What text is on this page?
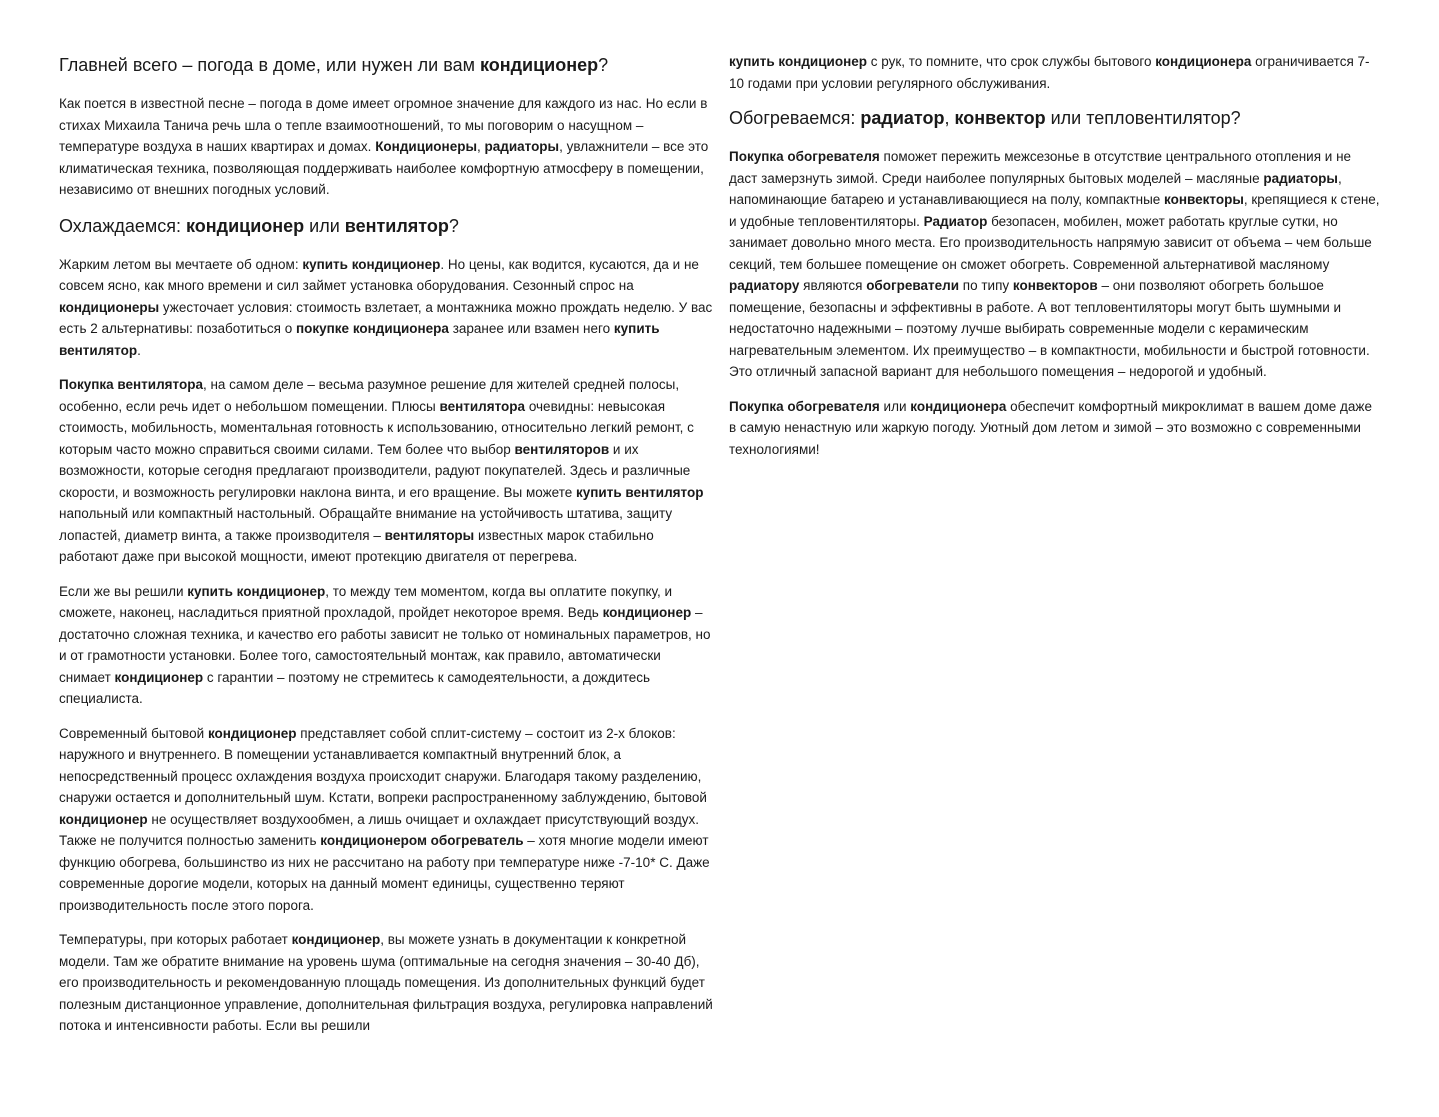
Главней всего – погода в доме, или нужен ли вам кондиционер?

Как поется в известной песне – погода в доме имеет огромное значение для каждого из нас. Но если в стихах Михаила Танича речь шла о тепле взаимоотношений, то мы поговорим о насущном – температуре воздуха в наших квартирах и домах. Кондиционеры, радиаторы, увлажнители – все это климатическая техника, позволяющая поддерживать наиболее комфортную атмосферу в помещении, независимо от внешних погодных условий.

Охлаждаемся: кондиционер или вентилятор?

Жарким летом вы мечтаете об одном: купить кондиционер. Но цены, как водится, кусаются, да и не совсем ясно, как много времени и сил займет установка оборудования. Сезонный спрос на кондиционеры ужесточает условия: стоимость взлетает, а монтажника можно прождать неделю. У вас есть 2 альтернативы: позаботиться о покупке кондиционера заранее или взамен него купить вентилятор.

Покупка вентилятора, на самом деле – весьма разумное решение для жителей средней полосы, особенно, если речь идет о небольшом помещении. Плюсы вентилятора очевидны: невысокая стоимость, мобильность, моментальная готовность к использованию, относительно легкий ремонт, с которым часто можно справиться своими силами. Тем более что выбор вентиляторов и их возможности, которые сегодня предлагают производители, радуют покупателей. Здесь и различные скорости, и возможность регулировки наклона винта, и его вращение. Вы можете купить вентилятор напольный или компактный настольный. Обращайте внимание на устойчивость штатива, защиту лопастей, диаметр винта, а также производителя – вентиляторы известных марок стабильно работают даже при высокой мощности, имеют протекцию двигателя от перегрева.

Если же вы решили купить кондиционер, то между тем моментом, когда вы оплатите покупку, и сможете, наконец, насладиться приятной прохладой, пройдет некоторое время. Ведь кондиционер – достаточно сложная техника, и качество его работы зависит не только от номинальных параметров, но и от грамотности установки. Более того, самостоятельный монтаж, как правило, автоматически снимает кондиционер с гарантии – поэтому не стремитесь к самодеятельности, а дождитесь специалиста.

Современный бытовой кондиционер представляет собой сплит-систему – состоит из 2-х блоков: наружного и внутреннего. В помещении устанавливается компактный внутренний блок, а непосредственный процесс охлаждения воздуха происходит снаружи. Благодаря такому разделению, снаружи остается и дополнительный шум. Кстати, вопреки распространенному заблуждению, бытовой кондиционер не осуществляет воздухообмен, а лишь очищает и охлаждает присутствующий воздух. Также не получится полностью заменить кондиционером обогреватель – хотя многие модели имеют функцию обогрева, большинство из них не рассчитано на работу при температуре ниже -7-10* С. Даже современные дорогие модели, которых на данный момент единицы, существенно теряют производительность после этого порога.

Температуры, при которых работает кондиционер, вы можете узнать в документации к конкретной модели. Там же обратите внимание на уровень шума (оптимальные на сегодня значения – 30-40 Дб), его производительность и рекомендованную площадь помещения. Из дополнительных функций будет полезным дистанционное управление, дополнительная фильтрация воздуха, регулировка направлений потока и интенсивности работы. Если вы решили

купить кондиционер с рук, то помните, что срок службы бытового кондиционера ограничивается 7-10 годами при условии регулярного обслуживания.

Обогреваемся: радиатор, конвектор или тепловентилятор?

Покупка обогревателя поможет пережить межсезонье в отсутствие центрального отопления и не даст замерзнуть зимой. Среди наиболее популярных бытовых моделей – масляные радиаторы, напоминающие батарею и устанавливающиеся на полу, компактные конвекторы, крепящиеся к стене, и удобные тепловентиляторы. Радиатор безопасен, мобилен, может работать круглые сутки, но занимает довольно много места. Его производительность напрямую зависит от объема – чем больше секций, тем большее помещение он сможет обогреть. Современной альтернативой масляному радиатору являются обогреватели по типу конвекторов – они позволяют обогреть большое помещение, безопасны и эффективны в работе. А вот тепловентиляторы могут быть шумными и недостаточно надежными – поэтому лучше выбирать современные модели с керамическим нагревательным элементом. Их преимущество – в компактности, мобильности и быстрой готовности. Это отличный запасной вариант для небольшого помещения – недорогой и удобный.

Покупка обогревателя или кондиционера обеспечит комфортный микроклимат в вашем доме даже в самую ненастную или жаркую погоду. Уютный дом летом и зимой – это возможно с современными технологиями!
